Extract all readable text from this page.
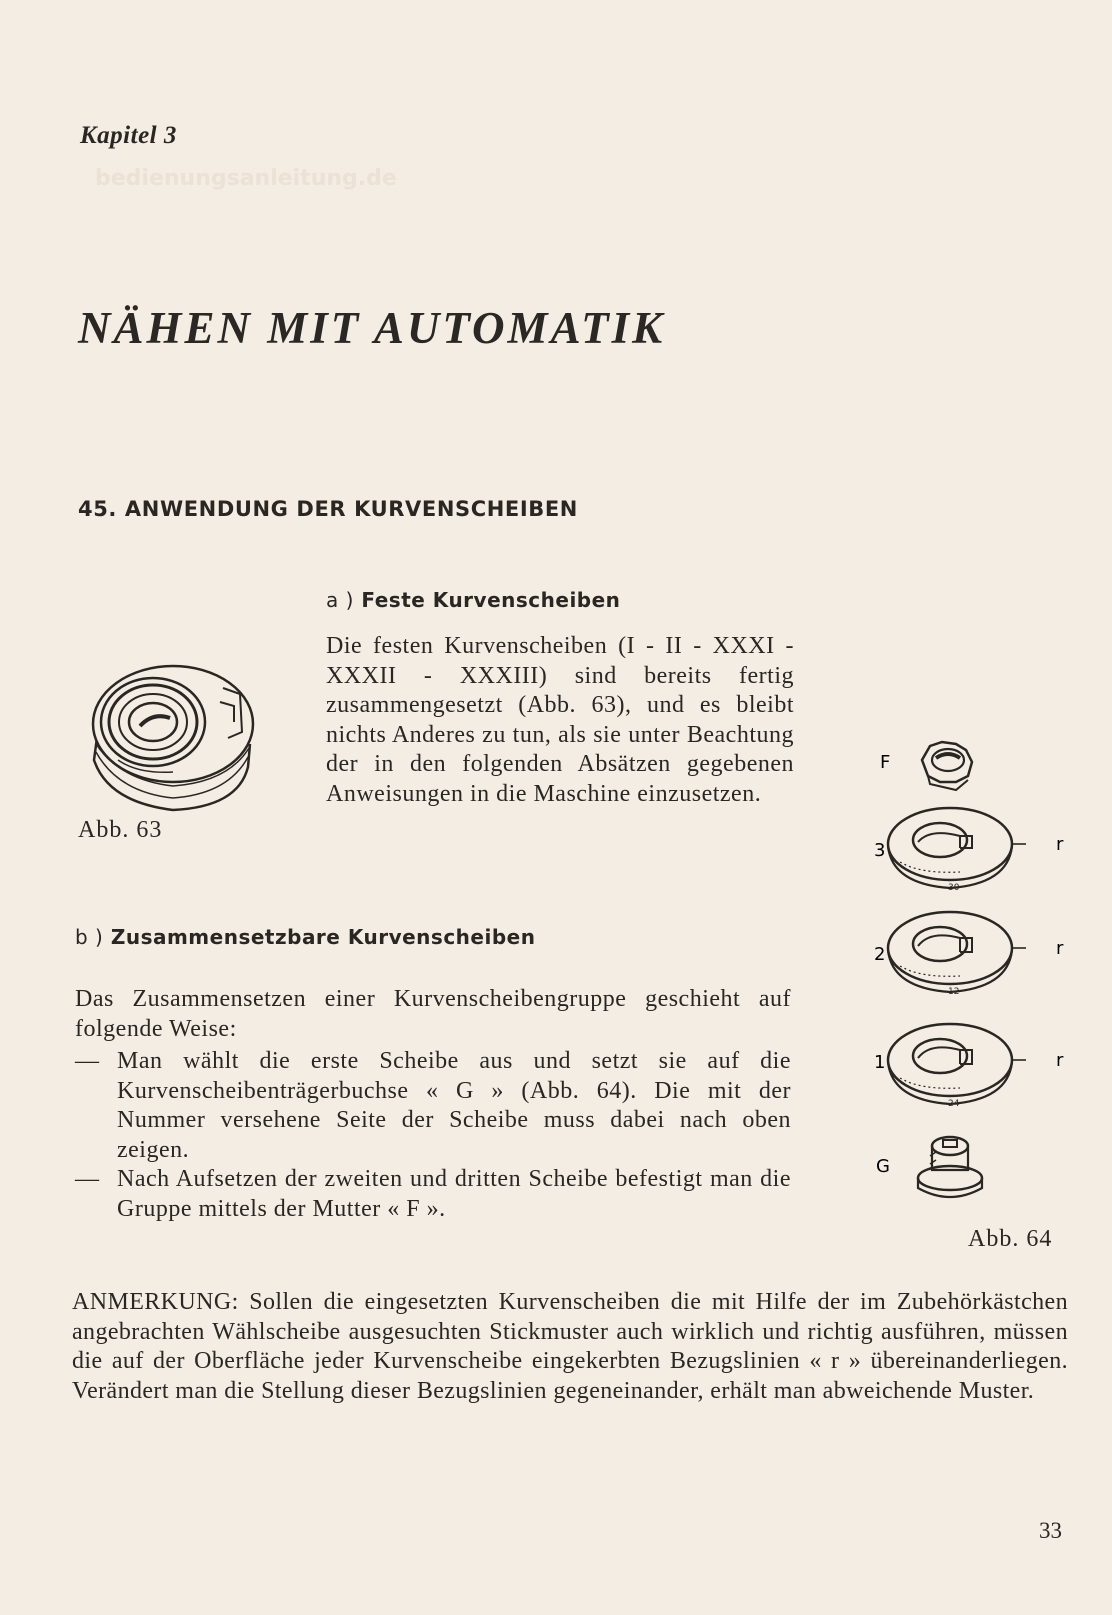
Kapitel 3
bedienungsanleitung.de
NÄHEN MIT AUTOMATIK
45. ANWENDUNG DER KURVENSCHEIBEN
a ) Feste Kurvenscheiben
Die festen Kurvenscheiben (I - II - XXXI - XXXII - XXXIII) sind bereits fertig zusammengesetzt (Abb. 63), und es bleibt nichts Anderes zu tun, als sie unter Beachtung der in den folgenden Absätzen gegebenen Anweisungen in die Maschine einzusetzen.
Abb. 63
b ) Zusammensetzbare Kurvenscheiben
Das Zusammensetzen einer Kurvenscheibengruppe geschieht auf folgende Weise:
— Man wählt die erste Scheibe aus und setzt sie auf die Kurvenscheibenträgerbuchse « G » (Abb. 64). Die mit der Nummer versehene Seite der Scheibe muss dabei nach oben zeigen.
— Nach Aufsetzen der zweiten und dritten Scheibe befestigt man die Gruppe mittels der Mutter « F ».
F
3
2
1
G
r
r
r
30
12
24
Abb. 64
ANMERKUNG: Sollen die eingesetzten Kurvenscheiben die mit Hilfe der im Zubehörkästchen angebrachten Wählscheibe ausgesuchten Stickmuster auch wirklich und richtig ausführen, müssen die auf der Oberfläche jeder Kurvenscheibe eingekerbten Bezugslinien « r » übereinanderliegen. Verändert man die Stellung dieser Bezugslinien gegeneinander, erhält man abweichende Muster.
33
